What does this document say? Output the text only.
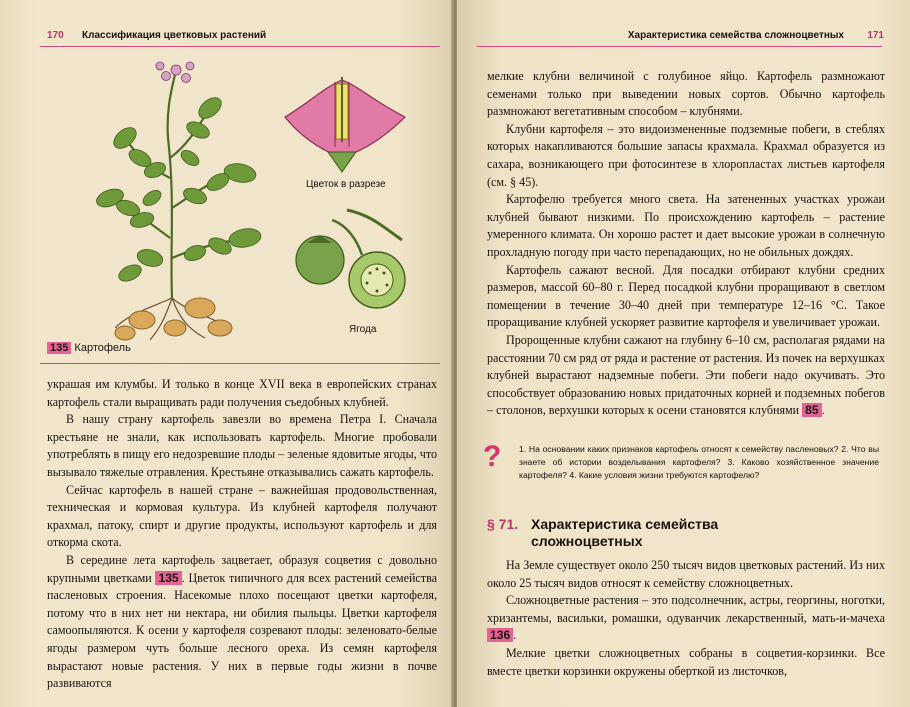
170 Классификация цветковых растений
Цветок в разрезе
Ягода
135 Картофель

украшая им клумбы. И только в конце XVII века в европейских странах картофель стали выращивать ради получения съедобных клубней.

В нашу страну картофель завезли во времена Петра I. Сначала крестьяне не знали, как использовать картофель. Многие пробовали употреблять в пищу его недозревшие плоды – зеленые ядовитые ягоды, что вызывало тяжелые отравления. Крестьяне отказывались сажать картофель.

Сейчас картофель в нашей стране – важнейшая продовольственная, техническая и кормовая культура. Из клубней картофеля получают крахмал, патоку, спирт и другие продукты, используют картофель и для откорма скота.

В середине лета картофель зацветает, образуя соцветия с довольно крупными цветками 135 . Цветок типичного для всех растений семейства пасленовых строения. Насекомые плохо посещают цветки картофеля, потому что в них нет ни нектара, ни обилия пыльцы. Цветки картофеля самоопыляются. К осени у картофеля созревают плоды: зеленовато-белые ягоды размером чуть больше лесного ореха. Из семян картофеля вырастают новые растения. У них в первые годы жизни в почве развиваются

Характеристика семейства сложноцветных 171

мелкие клубни величиной с голубиное яйцо. Картофель размножают семенами только при выведении новых сортов. Обычно картофель размножают вегетативным способом – клубнями.

Клубни картофеля – это видоизмененные подземные побеги, в стеблях которых накапливаются большие запасы крахмала. Крахмал образуется из сахара, возникающего при фотосинтезе в хлоропластах листьев картофеля (см. § 45).

Картофелю требуется много света. На затененных участках урожаи клубней бывают низкими. По происхождению картофель – растение умеренного климата. Он хорошо растет и дает высокие урожаи в солнечную прохладную погоду при часто перепадающих, но не обильных дождях.

Картофель сажают весной. Для посадки отбирают клубни средних размеров, массой 60–80 г. Перед посадкой клубни проращивают в светлом помещении в течение 30–40 дней при температуре 12–16 °С. Такое проращивание клубней ускоряет развитие картофеля и увеличивает урожаи.

Пророщенные клубни сажают на глубину 6–10 см, располагая рядами на расстоянии 70 см ряд от ряда и растение от растения. Из почек на верхушках клубней вырастают надземные побеги. Эти побеги надо окучивать. Это способствует образованию новых придаточных корней и подземных побегов – столонов, верхушки которых к осени становятся клубнями 85 .

? 1. На основании каких признаков картофель относят к семейству пасленовых? 2. Что вы знаете об истории возделывания картофеля? 3. Каково хозяйственное значение картофеля? 4. Какие условия жизни требуются картофелю?
§ 71. Характеристика семейства сложноцветных

На Земле существует около 250 тысяч видов цветковых растений. Из них около 25 тысяч видов относят к семейству сложноцветных.

Сложноцветные растения – это подсолнечник, астры, георгины, ноготки, хризантемы, васильки, ромашки, одуванчик лекарственный, мать-и-мачеха 136 .

Мелкие цветки сложноцветных собраны в соцветия-корзинки. Все вместе цветки корзинки окружены оберткой из листочков,
